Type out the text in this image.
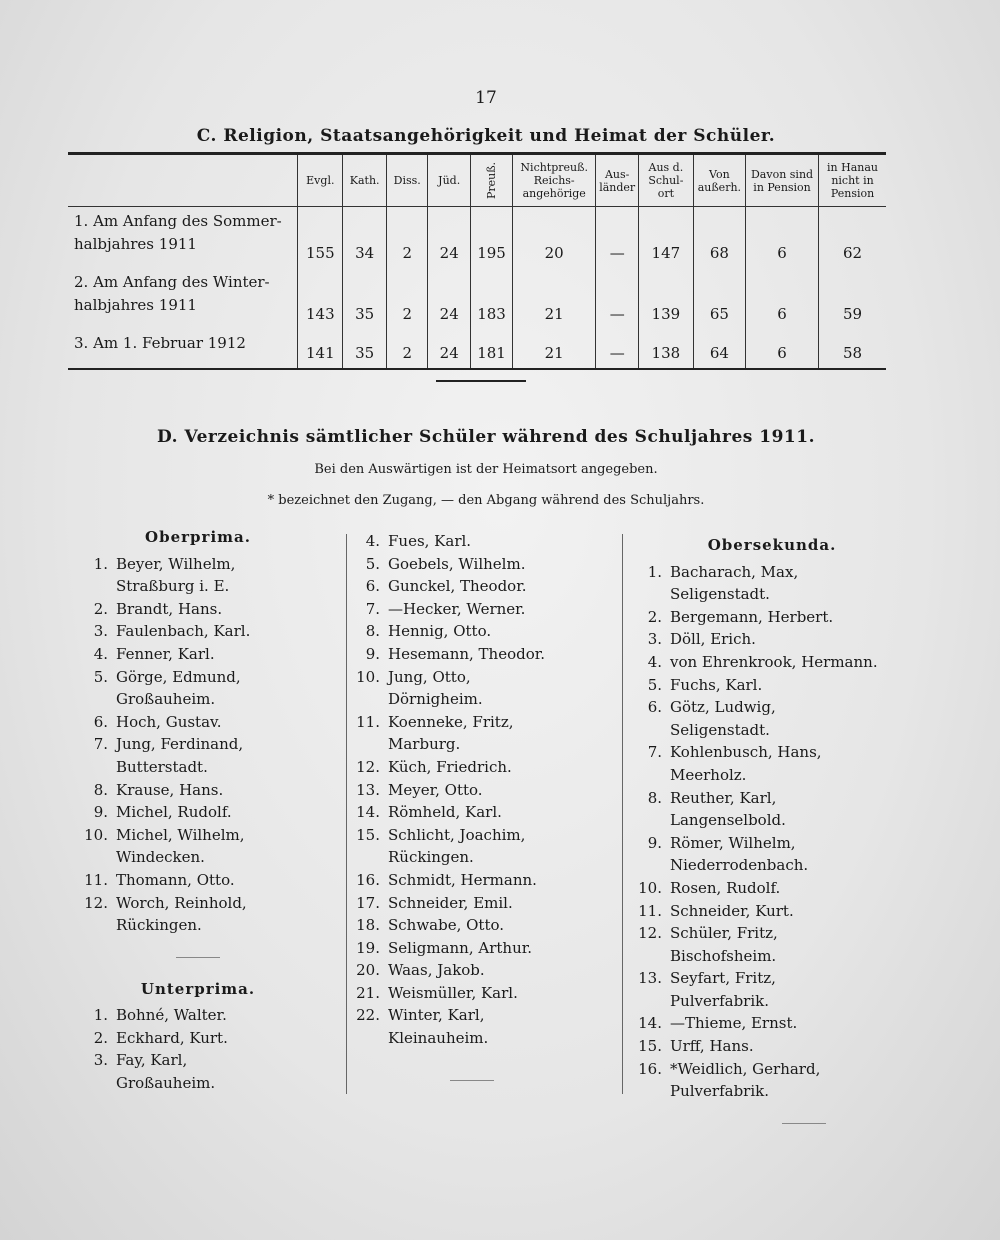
17
C. Religion, Staatsangehörigkeit und Heimat der Schüler.
	Evgl.	Kath.	Diss.	Jüd.	Preuß.	Nichtpreuß. Reichs-angehörige	Aus-länder	Aus d. Schul-ort	Von außerh.	Davon sind in Pension	in Hanau nicht in Pension
1. Am Anfang des Sommer-halbjahres 1911	155	34	2	24	195	20	—	147	68	6	62
2. Am Anfang des Winter-halbjahres 1911	143	35	2	24	183	21	—	139	65	6	59
3. Am 1. Februar 1912	141	35	2	24	181	21	—	138	64	6	58
D. Verzeichnis sämtlicher Schüler während des Schuljahres 1911.
Bei den Auswärtigen ist der Heimatsort angegeben.
* bezeichnet den Zugang, — den Abgang während des Schuljahrs.
Oberprima.
1. Beyer, Wilhelm,
Straßburg i. E.
2. Brandt, Hans.
3. Faulenbach, Karl.
4. Fenner, Karl.
5. Görge, Edmund,
Großauheim.
6. Hoch, Gustav.
7. Jung, Ferdinand,
Butterstadt.
8. Krause, Hans.
9. Michel, Rudolf.
10. Michel, Wilhelm,
Windecken.
11. Thomann, Otto.
12. Worch, Reinhold,
Rückingen.
Unterprima.
1. Bohné, Walter.
2. Eckhard, Kurt.
3. Fay, Karl,
Großauheim.
4. Fues, Karl.
5. Goebels, Wilhelm.
6. Gunckel, Theodor.
7. —Hecker, Werner.
8. Hennig, Otto.
9. Hesemann, Theodor.
10. Jung, Otto,
Dörnigheim.
11. Koenneke, Fritz,
Marburg.
12. Küch, Friedrich.
13. Meyer, Otto.
14. Römheld, Karl.
15. Schlicht, Joachim,
Rückingen.
16. Schmidt, Hermann.
17. Schneider, Emil.
18. Schwabe, Otto.
19. Seligmann, Arthur.
20. Waas, Jakob.
21. Weismüller, Karl.
22. Winter, Karl,
Kleinauheim.
Obersekunda.
1. Bacharach, Max,
Seligenstadt.
2. Bergemann, Herbert.
3. Döll, Erich.
4. von Ehrenkrook, Hermann.
5. Fuchs, Karl.
6. Götz, Ludwig,
Seligenstadt.
7. Kohlenbusch, Hans,
Meerholz.
8. Reuther, Karl,
Langenselbold.
9. Römer, Wilhelm,
Niederrodenbach.
10. Rosen, Rudolf.
11. Schneider, Kurt.
12. Schüler, Fritz,
Bischofsheim.
13. Seyfart, Fritz,
Pulverfabrik.
14. —Thieme, Ernst.
15. Urff, Hans.
16. *Weidlich, Gerhard,
Pulverfabrik.
